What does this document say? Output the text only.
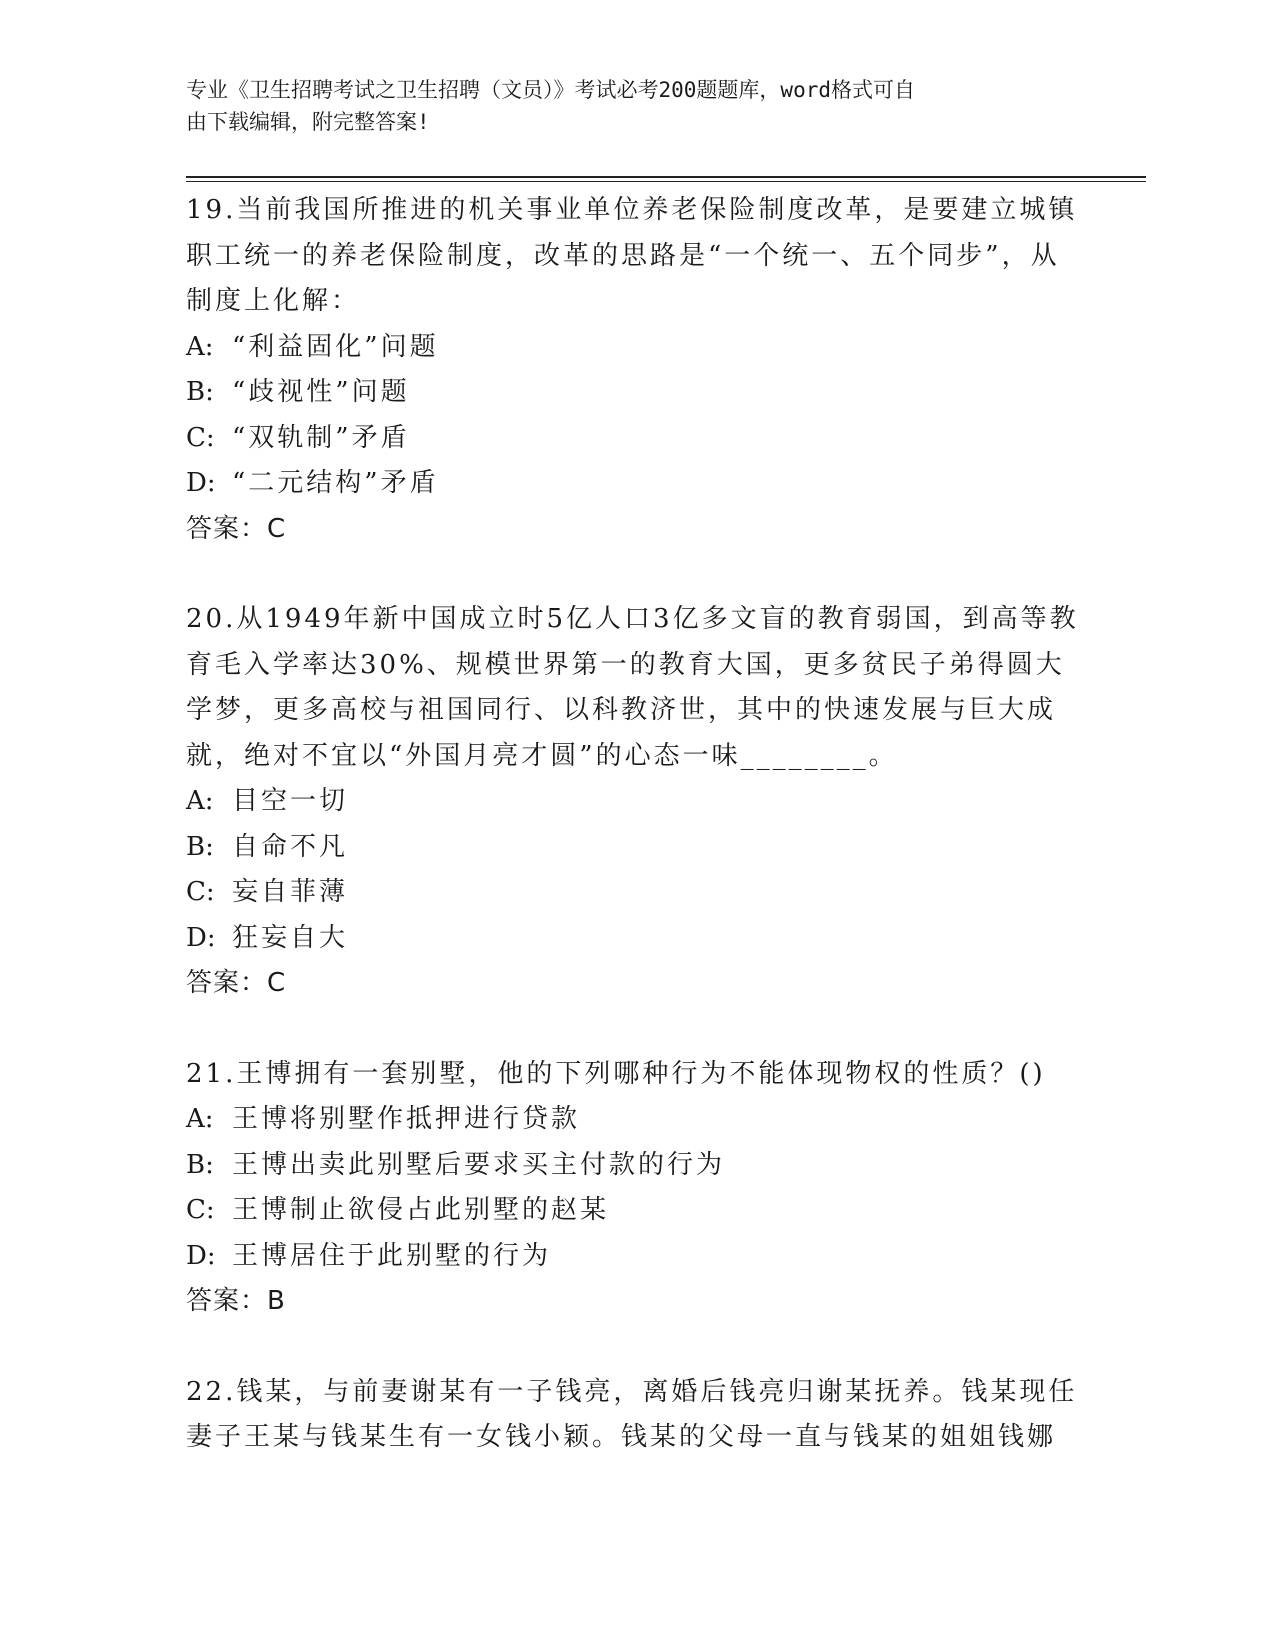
专业《卫生招聘考试之卫生招聘（文员）》考试必考200题题库，word格式可自
由下载编辑，附完整答案!
19.当前我国所推进的机关事业单位养老保险制度改革，是要建立城镇职工统一的养老保险制度，改革的思路是“一个统一、五个同步”，从制度上化解：
A: “利益固化”问题
B: “歧视性”问题
C: “双轨制”矛盾
D: “二元结构”矛盾
答案：C
20.从1949年新中国成立时5亿人口3亿多文盲的教育弱国，到高等教育毛入学率达30%、规模世界第一的教育大国，更多贫民子弟得圆大学梦，更多高校与祖国同行、以科教济世，其中的快速发展与巨大成就，绝对不宜以“外国月亮才圆”的心态一味________。
A: 目空一切
B: 自命不凡
C: 妄自菲薄
D: 狂妄自大
答案：C
21.王博拥有一套别墅，他的下列哪种行为不能体现物权的性质？()
A: 王博将别墅作抵押进行贷款
B: 王博出卖此别墅后要求买主付款的行为
C: 王博制止欲侵占此别墅的赵某
D: 王博居住于此别墅的行为
答案：B
22.钱某，与前妻谢某有一子钱亮，离婚后钱亮归谢某抚养。钱某现任妻子王某与钱某生有一女钱小颖。钱某的父母一直与钱某的姐姐钱娜
